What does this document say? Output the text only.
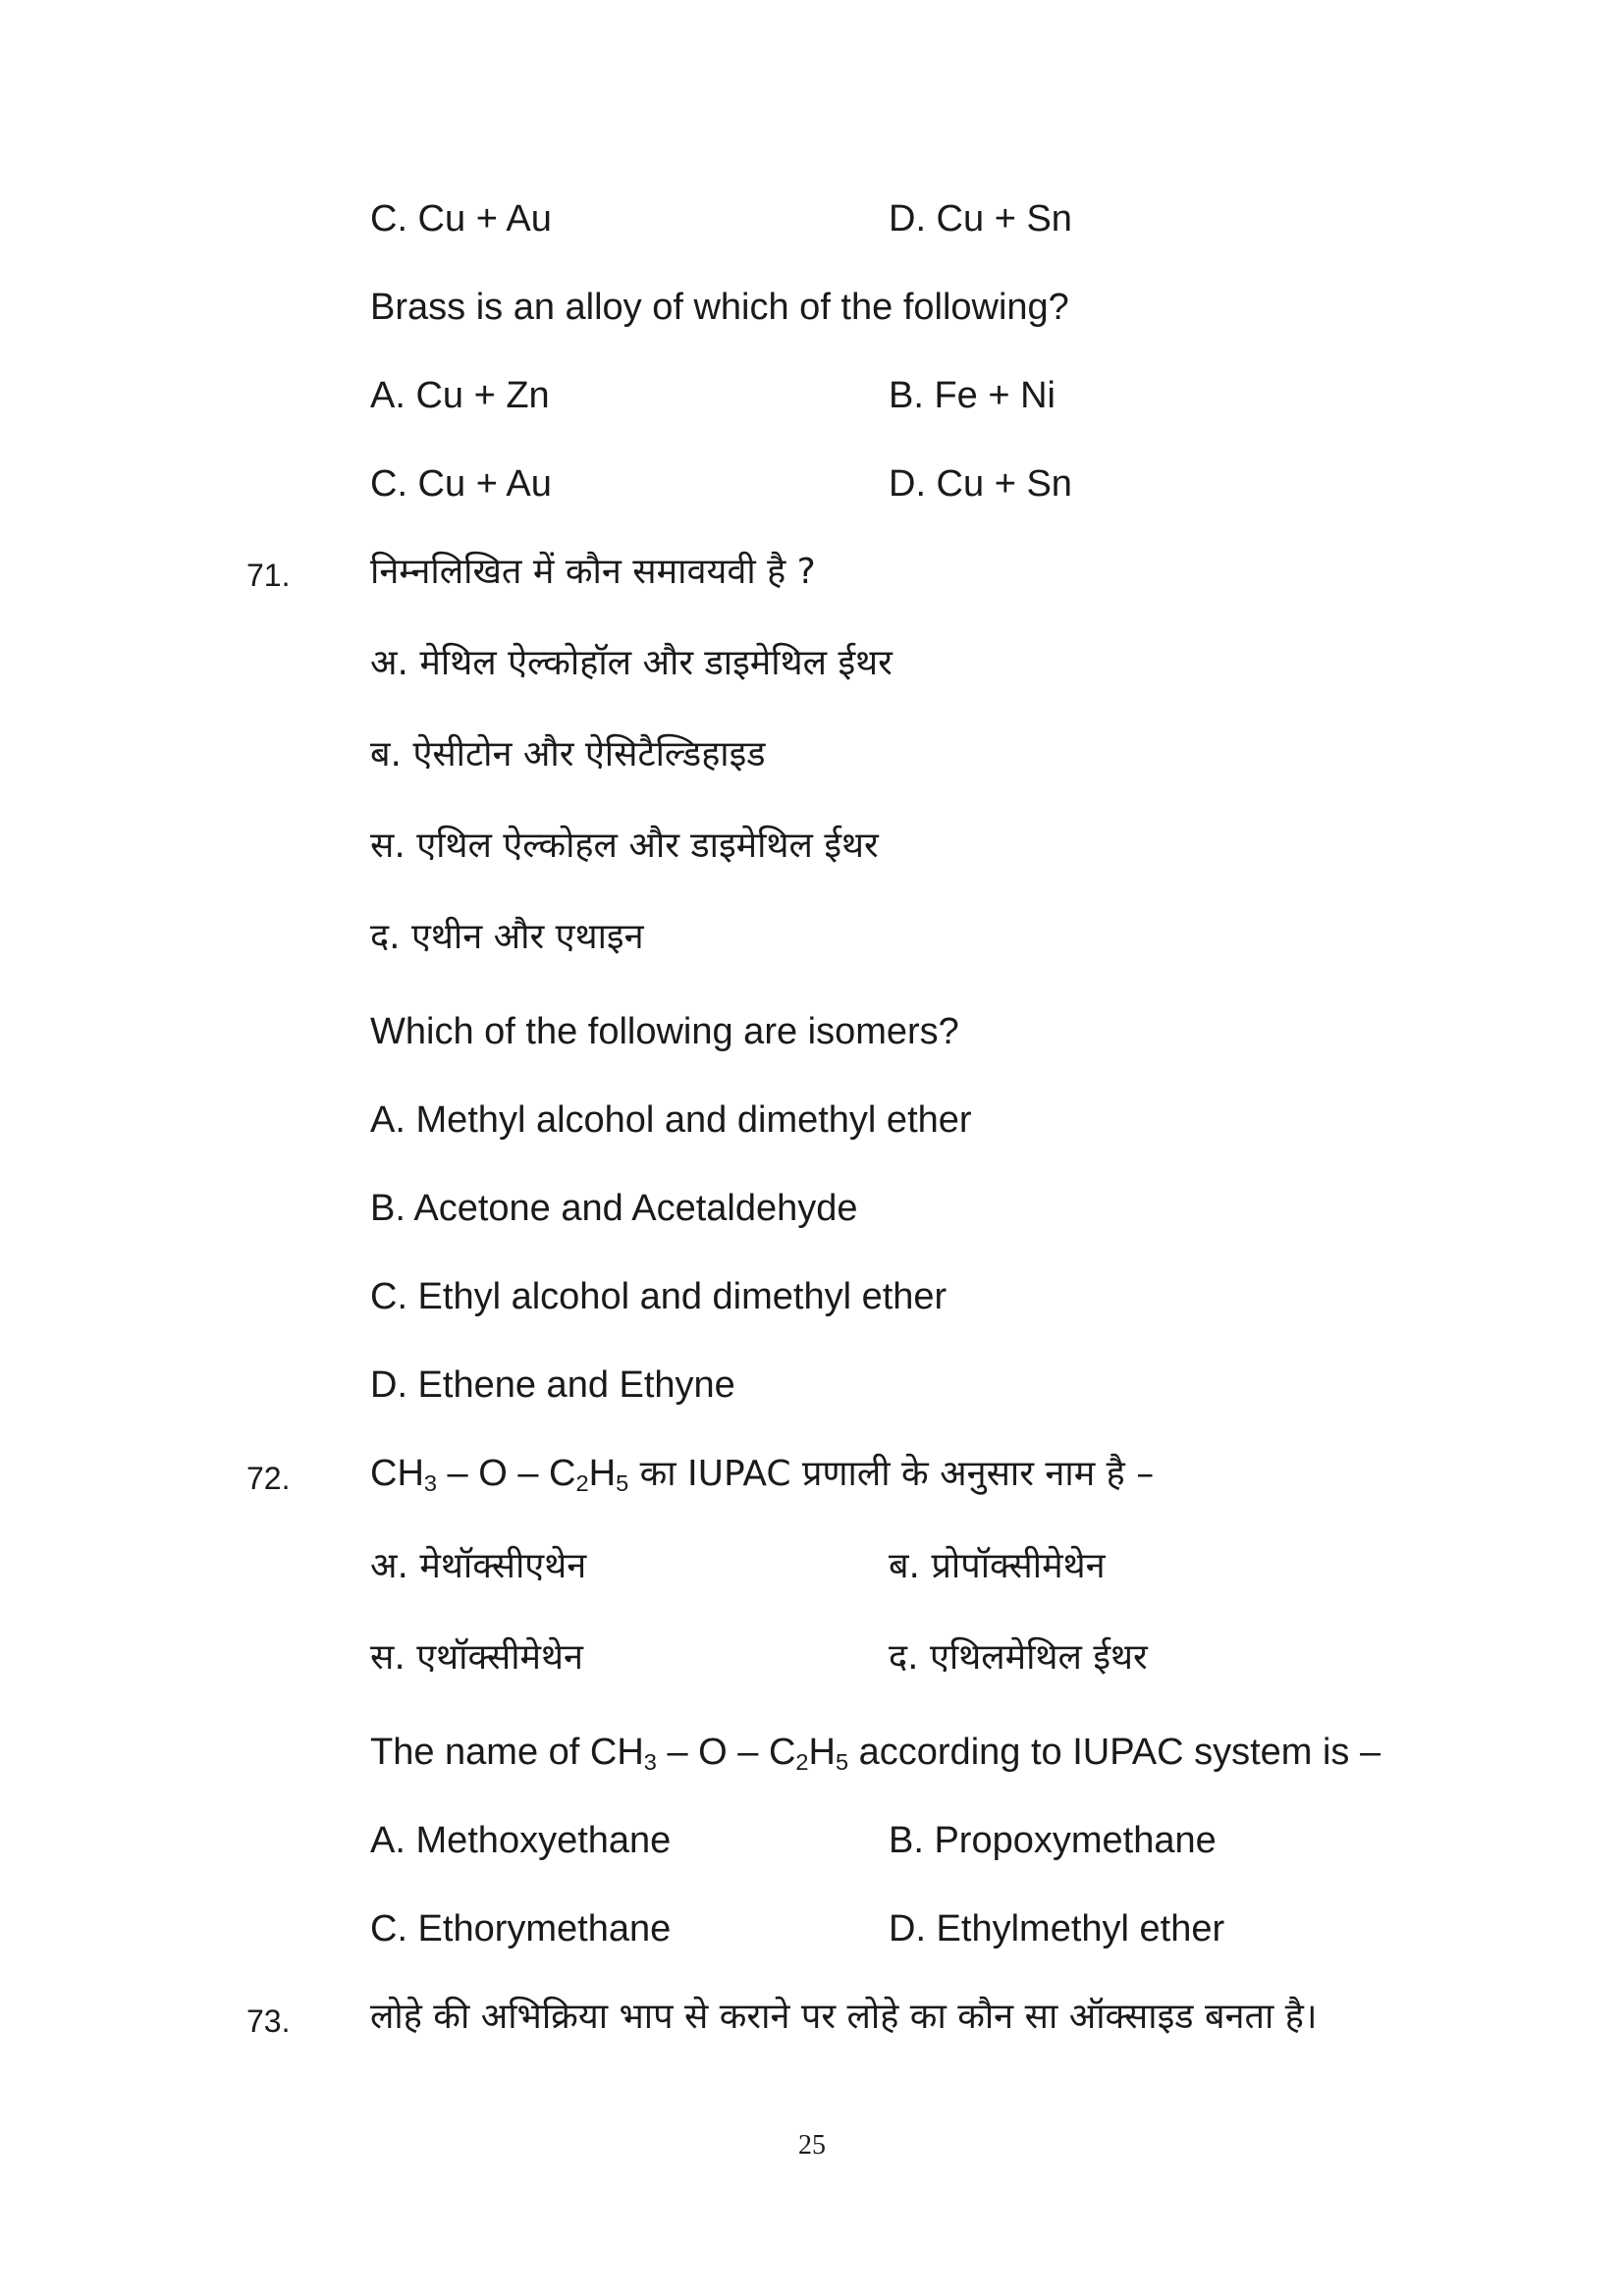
C. Cu + Au	D. Cu + Sn
Brass is an alloy of which of the following?
A. Cu + Zn	B. Fe + Ni
C. Cu + Au	D. Cu + Sn
71. निम्नलिखित में कौन समावयवी है ?
अ. मेथिल ऐल्कोहॉल और डाइमेथिल ईथर
ब. ऐसीटोन और ऐसिटैल्डिहाइड
स. एथिल ऐल्कोहल और डाइमेथिल ईथर
द. एथीन और एथाइन
Which of the following are isomers?
A. Methyl alcohol and dimethyl ether
B. Acetone and Acetaldehyde
C. Ethyl alcohol and dimethyl ether
D. Ethene and Ethyne
72. $CH_3$ – O – $C_2H_5$ का IUPAC प्रणाली के अनुसार नाम है –
अ. मेथॉक्सीएथेन	ब. प्रोपॉक्सीमेथेन
स. एथॉक्सीमेथेन	द. एथिलमेथिल ईथर
The name of $CH_3$ – O – $C_2H_5$ according to IUPAC system is –
A. Methoxyethane	B. Propoxymethane
C. Ethorymethane	D. Ethylmethyl ether
73. लोहे की अभिक्रिया भाप से कराने पर लोहे का कौन सा ऑक्साइड बनता है।
25
